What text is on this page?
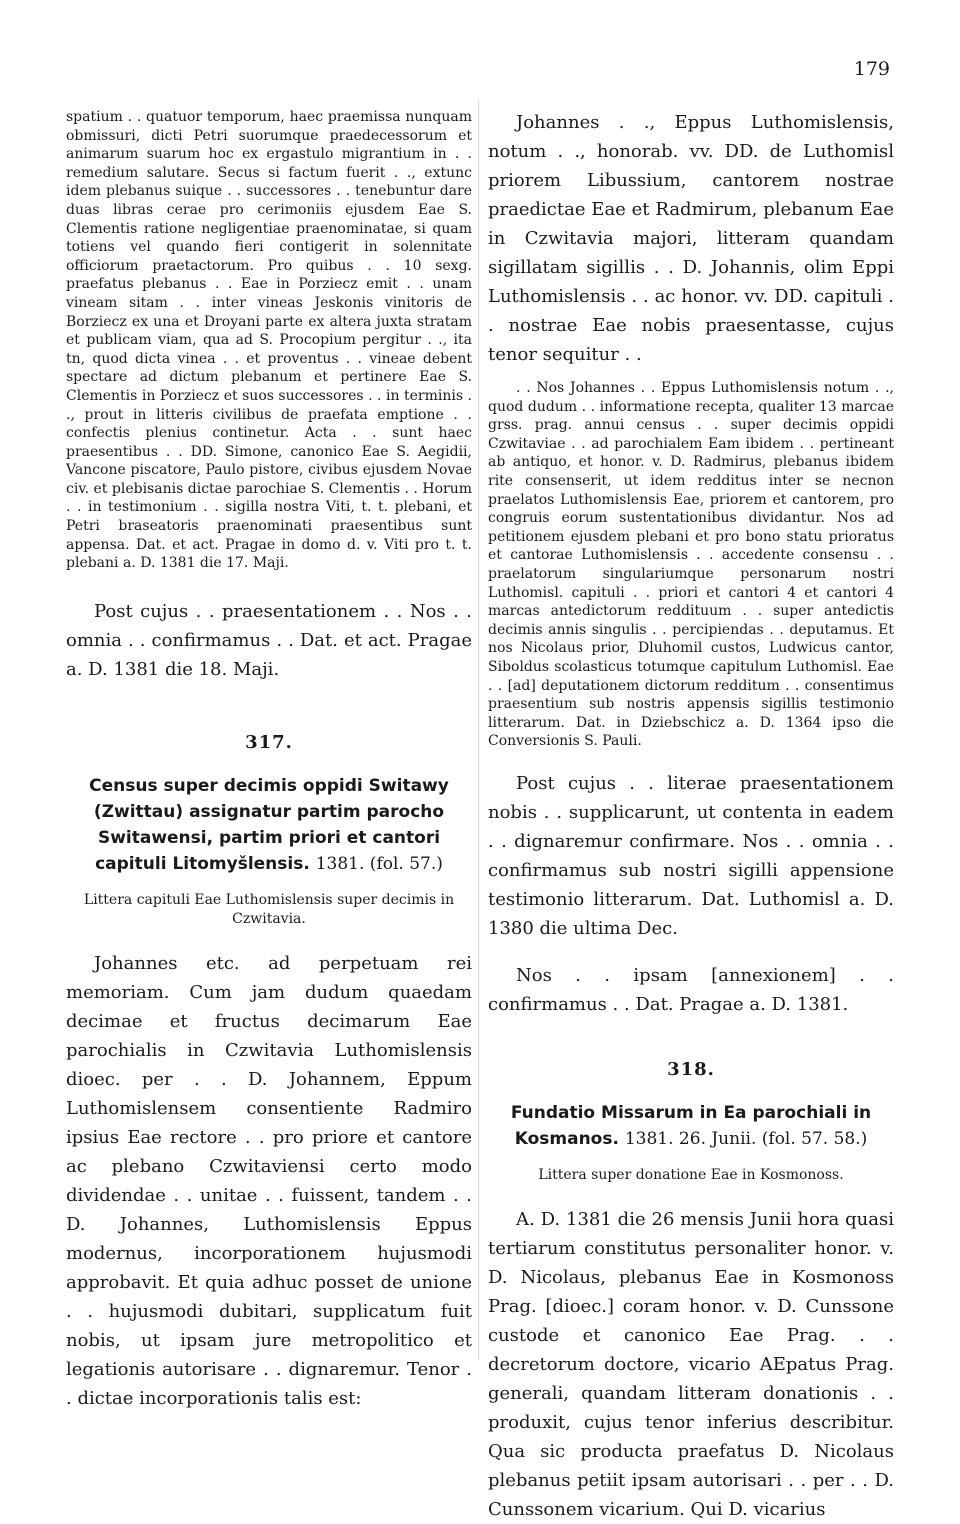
179

spatium . . quatuor temporum, haec praemissa nunquam obmissuri, dicti Petri suorumque praedecessorum et animarum suarum hoc ex ergastulo migrantium in . . remedium salutare. Secus si factum fuerit . ., extunc idem plebanus suique . . successores . . tenebuntur dare duas libras cerae pro cerimoniis ejusdem Eae S. Clementis ratione negligentiae praenominatae, si quam totiens vel quando fieri contigerit in solennitate officiorum praetactorum. Pro quibus . . 10 sexg. praefatus plebanus . . Eae in Porziecz emit . . unam vineam sitam . . inter vineas Jeskonis vinitoris de Borziecz ex una et Droyani parte ex altera juxta stratam et publicam viam, qua ad S. Procopium pergitur . ., ita tn, quod dicta vinea . . et proventus . . vineae debent spectare ad dictum plebanum et pertinere Eae S. Clementis in Porziecz et suos successores . . in terminis . ., prout in litteris civilibus de praefata emptione . . confectis plenius continetur. Acta . . sunt haec praesentibus . . DD. Simone, canonico Eae S. Aegidii, Vancone piscatore, Paulo pistore, civibus ejusdem Novae civ. et plebisanis dictae parochiae S. Clementis . . Horum . . in testimonium . . sigilla nostra Viti, t. t. plebani, et Petri braseatoris praenominati praesentibus sunt appensa. Dat. et act. Pragae in domo d. v. Viti pro t. t. plebani a. D. 1381 die 17. Maji.

Post cujus . . praesentationem . . Nos . . omnia . . confirmamus . . Dat. et act. Pragae a. D. 1381 die 18. Maji.

317.

Census super decimis oppidi Switawy (Zwittau) assignatur partim parocho Switawensi, partim priori et cantori capituli Litomyšlensis. 1381. (fol. 57.)

Littera capituli Eae Luthomislensis super decimis in Czwitavia.

Johannes etc. ad perpetuam rei memoriam. Cum jam dudum quaedam decimae et fructus decimarum Eae parochialis in Czwitavia Luthomislensis dioec. per . . D. Johannem, Eppum Luthomislensem consentiente Radmiro ipsius Eae rectore . . pro priore et cantore ac plebano Czwitaviensi certo modo dividendae . . unitae . . fuissent, tandem . . D. Johannes, Luthomislensis Eppus modernus, incorporationem hujusmodi approbavit. Et quia adhuc posset de unione . . hujusmodi dubitari, supplicatum fuit nobis, ut ipsam jure metropolitico et legationis autorisare . . dignaremur. Tenor . . dictae incorporationis talis est:

Johannes . ., Eppus Luthomislensis, notum . ., honorab. vv. DD. de Luthomisl priorem Libussium, cantorem nostrae praedictae Eae et Radmirum, plebanum Eae in Czwitavia majori, litteram quandam sigillatam sigillis . . D. Johannis, olim Eppi Luthomislensis . . ac honor. vv. DD. capituli . . nostrae Eae nobis praesentasse, cujus tenor sequitur . .

. . Nos Johannes . . Eppus Luthomislensis notum . ., quod dudum . . informatione recepta, qualiter 13 marcae grss. prag. annui census . . super decimis oppidi Czwitaviae . . ad parochialem Eam ibidem . . pertineant ab antiquo, et honor. v. D. Radmirus, plebanus ibidem rite consenserit, ut idem redditus inter se necnon praelatos Luthomislensis Eae, priorem et cantorem, pro congruis eorum sustentationibus dividantur. Nos ad petitionem ejusdem plebani et pro bono statu prioratus et cantorae Luthomislensis . . accedente consensu . . praelatorum singulariumque personarum nostri Luthomisl. capituli . . priori et cantori 4 et cantori 4 marcas antedictorum reddituum . . super antedictis decimis annis singulis . . percipiendas . . deputamus. Et nos Nicolaus prior, Dluhomil custos, Ludwicus cantor, Siboldus scolasticus totumque capitulum Luthomisl. Eae . . [ad] deputationem dictorum redditum . . consentimus praesentium sub nostris appensis sigillis testimonio litterarum. Dat. in Dziebschicz a. D. 1364 ipso die Conversionis S. Pauli.

Post cujus . . literae praesentationem nobis . . supplicarunt, ut contenta in eadem . . dignaremur confirmare. Nos . . omnia . . confirmamus sub nostri sigilli appensione testimonio litterarum. Dat. Luthomisl a. D. 1380 die ultima Dec.

Nos . . ipsam [annexionem] . . confirmamus . . Dat. Pragae a. D. 1381.

318.

Fundatio Missarum in Ea parochiali in Kosmanos. 1381. 26. Junii. (fol. 57. 58.)

Littera super donatione Eae in Kosmonoss.

A. D. 1381 die 26 mensis Junii hora quasi tertiarum constitutus personaliter honor. v. D. Nicolaus, plebanus Eae in Kosmonoss Prag. [dioec.] coram honor. v. D. Cunssone custode et canonico Eae Prag. . . decretorum doctore, vicario AEpatus Prag. generali, quandam litteram donationis . . produxit, cujus tenor inferius describitur. Qua sic producta praefatus D. Nicolaus plebanus petiit ipsam autorisari . . per . . D. Cunssonem vicarium. Qui D. vicarius
